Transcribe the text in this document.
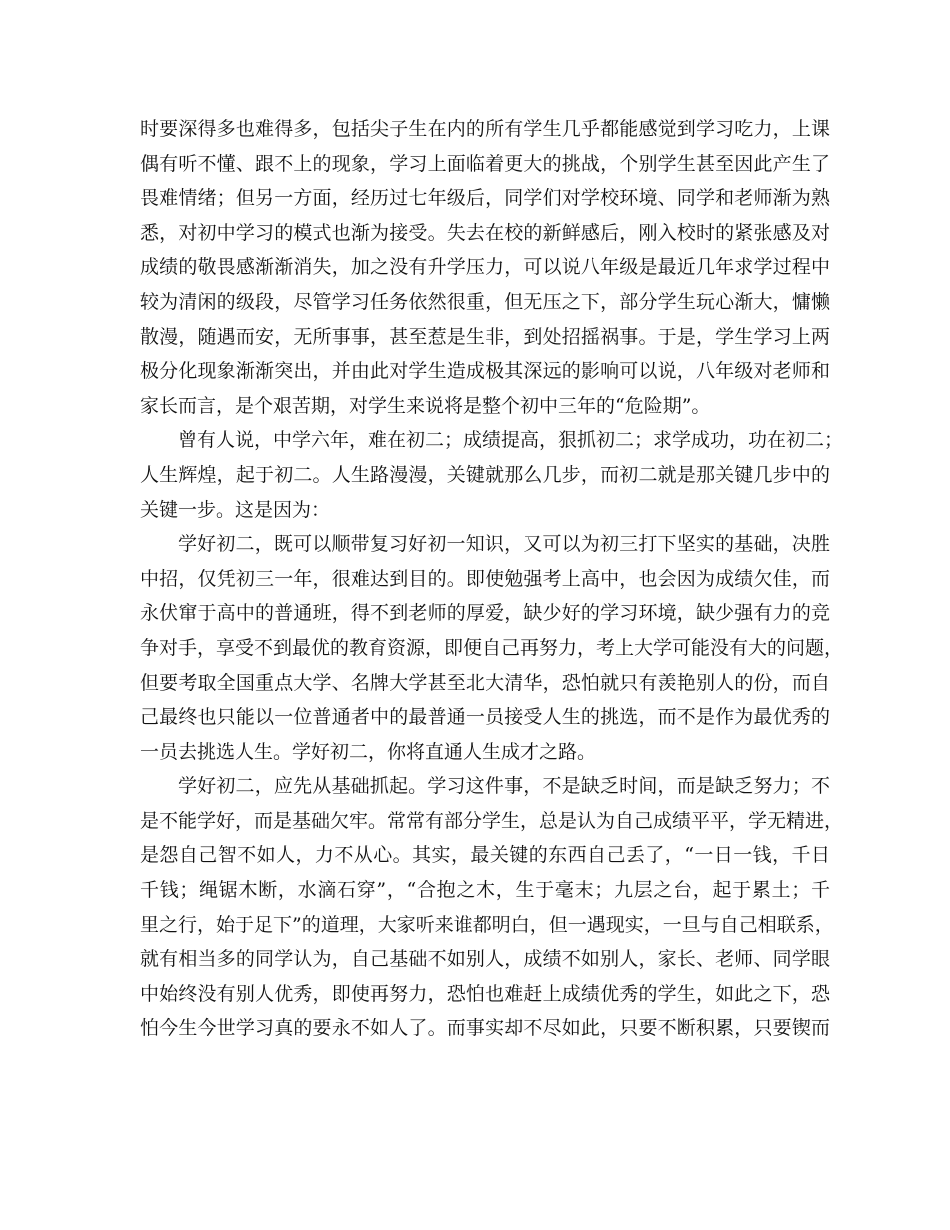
时要深得多也难得多，包括尖子生在内的所有学生几乎都能感觉到学习吃力，上课
偶有听不懂、跟不上的现象，学习上面临着更大的挑战，个别学生甚至因此产生了
畏难情绪；但另一方面，经历过七年级后，同学们对学校环境、同学和老师渐为熟
悉，对初中学习的模式也渐为接受。失去在校的新鲜感后，刚入校时的紧张感及对
成绩的敬畏感渐渐消失，加之没有升学压力，可以说八年级是最近几年求学过程中
较为清闲的级段，尽管学习任务依然很重，但无压之下，部分学生玩心渐大，慵懒
散漫，随遇而安，无所事事，甚至惹是生非，到处招摇祸事。于是，学生学习上两
极分化现象渐渐突出，并由此对学生造成极其深远的影响可以说，八年级对老师和
家长而言，是个艰苦期，对学生来说将是整个初中三年的“危险期”。
曾有人说，中学六年，难在初二；成绩提高，狠抓初二；求学成功，功在初二；
人生辉煌，起于初二。人生路漫漫，关键就那么几步，而初二就是那关键几步中的
关键一步。这是因为：
学好初二，既可以顺带复习好初一知识，又可以为初三打下坚实的基础，决胜
中招，仅凭初三一年，很难达到目的。即使勉强考上高中，也会因为成绩欠佳，而
永伏窜于高中的普通班，得不到老师的厚爱，缺少好的学习环境，缺少强有力的竞
争对手，享受不到最优的教育资源，即便自己再努力，考上大学可能没有大的问题，
但要考取全国重点大学、名牌大学甚至北大清华，恐怕就只有羡艳别人的份，而自
己最终也只能以一位普通者中的最普通一员接受人生的挑选，而不是作为最优秀的
一员去挑选人生。学好初二，你将直通人生成才之路。
学好初二，应先从基础抓起。学习这件事，不是缺乏时间，而是缺乏努力；不
是不能学好，而是基础欠牢。常常有部分学生，总是认为自己成绩平平，学无精进，
是怨自己智不如人，力不从心。其实，最关键的东西自己丢了，“一日一钱，千日
千钱；绳锯木断，水滴石穿”，“合抱之木，生于毫末；九层之台，起于累土；千
里之行，始于足下”的道理，大家听来谁都明白，但一遇现实，一旦与自己相联系，
就有相当多的同学认为，自己基础不如别人，成绩不如别人，家长、老师、同学眼
中始终没有别人优秀，即使再努力，恐怕也难赶上成绩优秀的学生，如此之下，恐
怕今生今世学习真的要永不如人了。而事实却不尽如此，只要不断积累，只要锲而
